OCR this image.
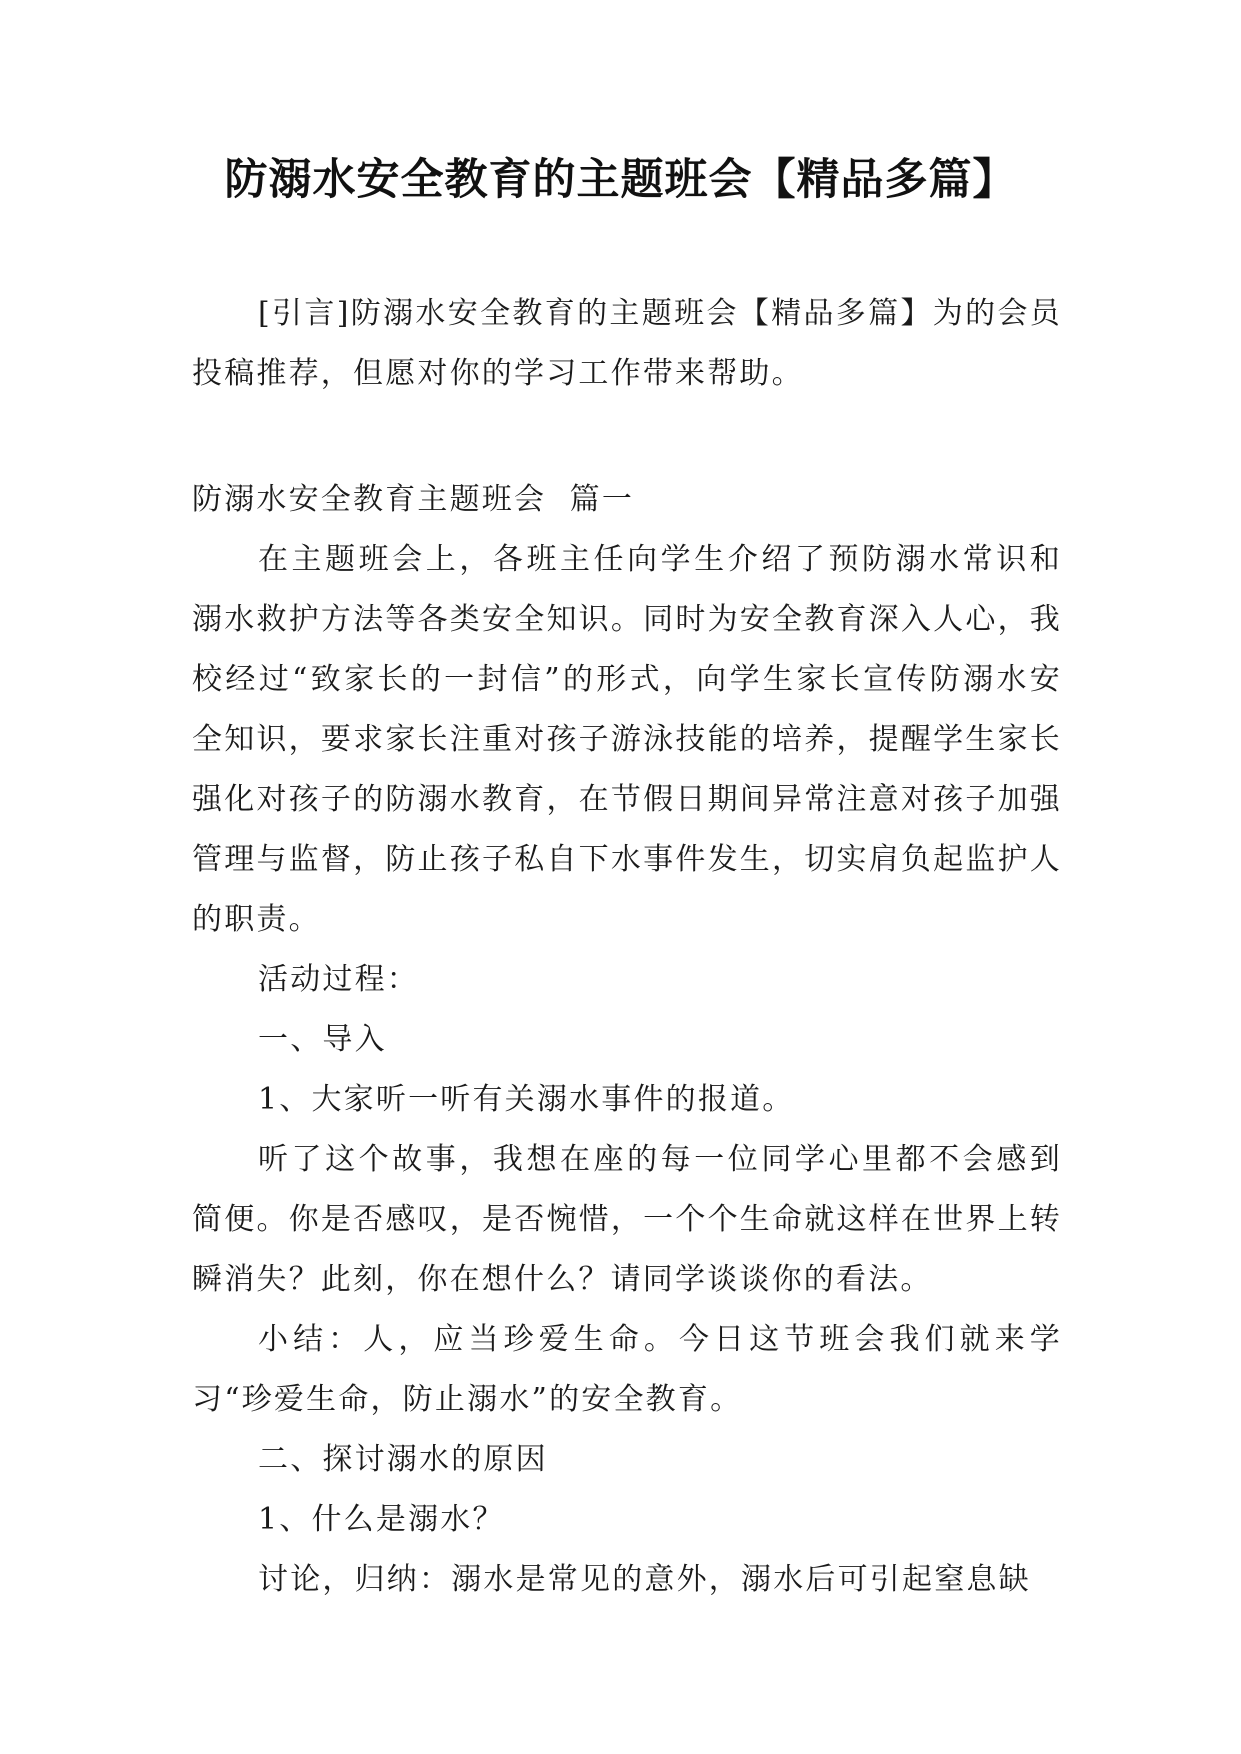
防溺水安全教育的主题班会【精品多篇】

[引言]防溺水安全教育的主题班会【精品多篇】为的会员投稿推荐，但愿对你的学习工作带来帮助。

防溺水安全教育主题班会  篇一

在主题班会上，各班主任向学生介绍了预防溺水常识和溺水救护方法等各类安全知识。同时为安全教育深入人心，我校经过“致家长的一封信”的形式，向学生家长宣传防溺水安全知识，要求家长注重对孩子游泳技能的培养，提醒学生家长强化对孩子的防溺水教育，在节假日期间异常注意对孩子加强管理与监督，防止孩子私自下水事件发生，切实肩负起监护人的职责。

活动过程：

一、导入

1、大家听一听有关溺水事件的报道。

听了这个故事，我想在座的每一位同学心里都不会感到简便。你是否感叹，是否惋惜，一个个生命就这样在世界上转瞬消失？此刻，你在想什么？请同学谈谈你的看法。

小结：人，应当珍爱生命。今日这节班会我们就来学习“珍爱生命，防止溺水”的安全教育。

二、探讨溺水的原因

1、什么是溺水？

讨论，归纳：溺水是常见的意外，溺水后可引起窒息缺
